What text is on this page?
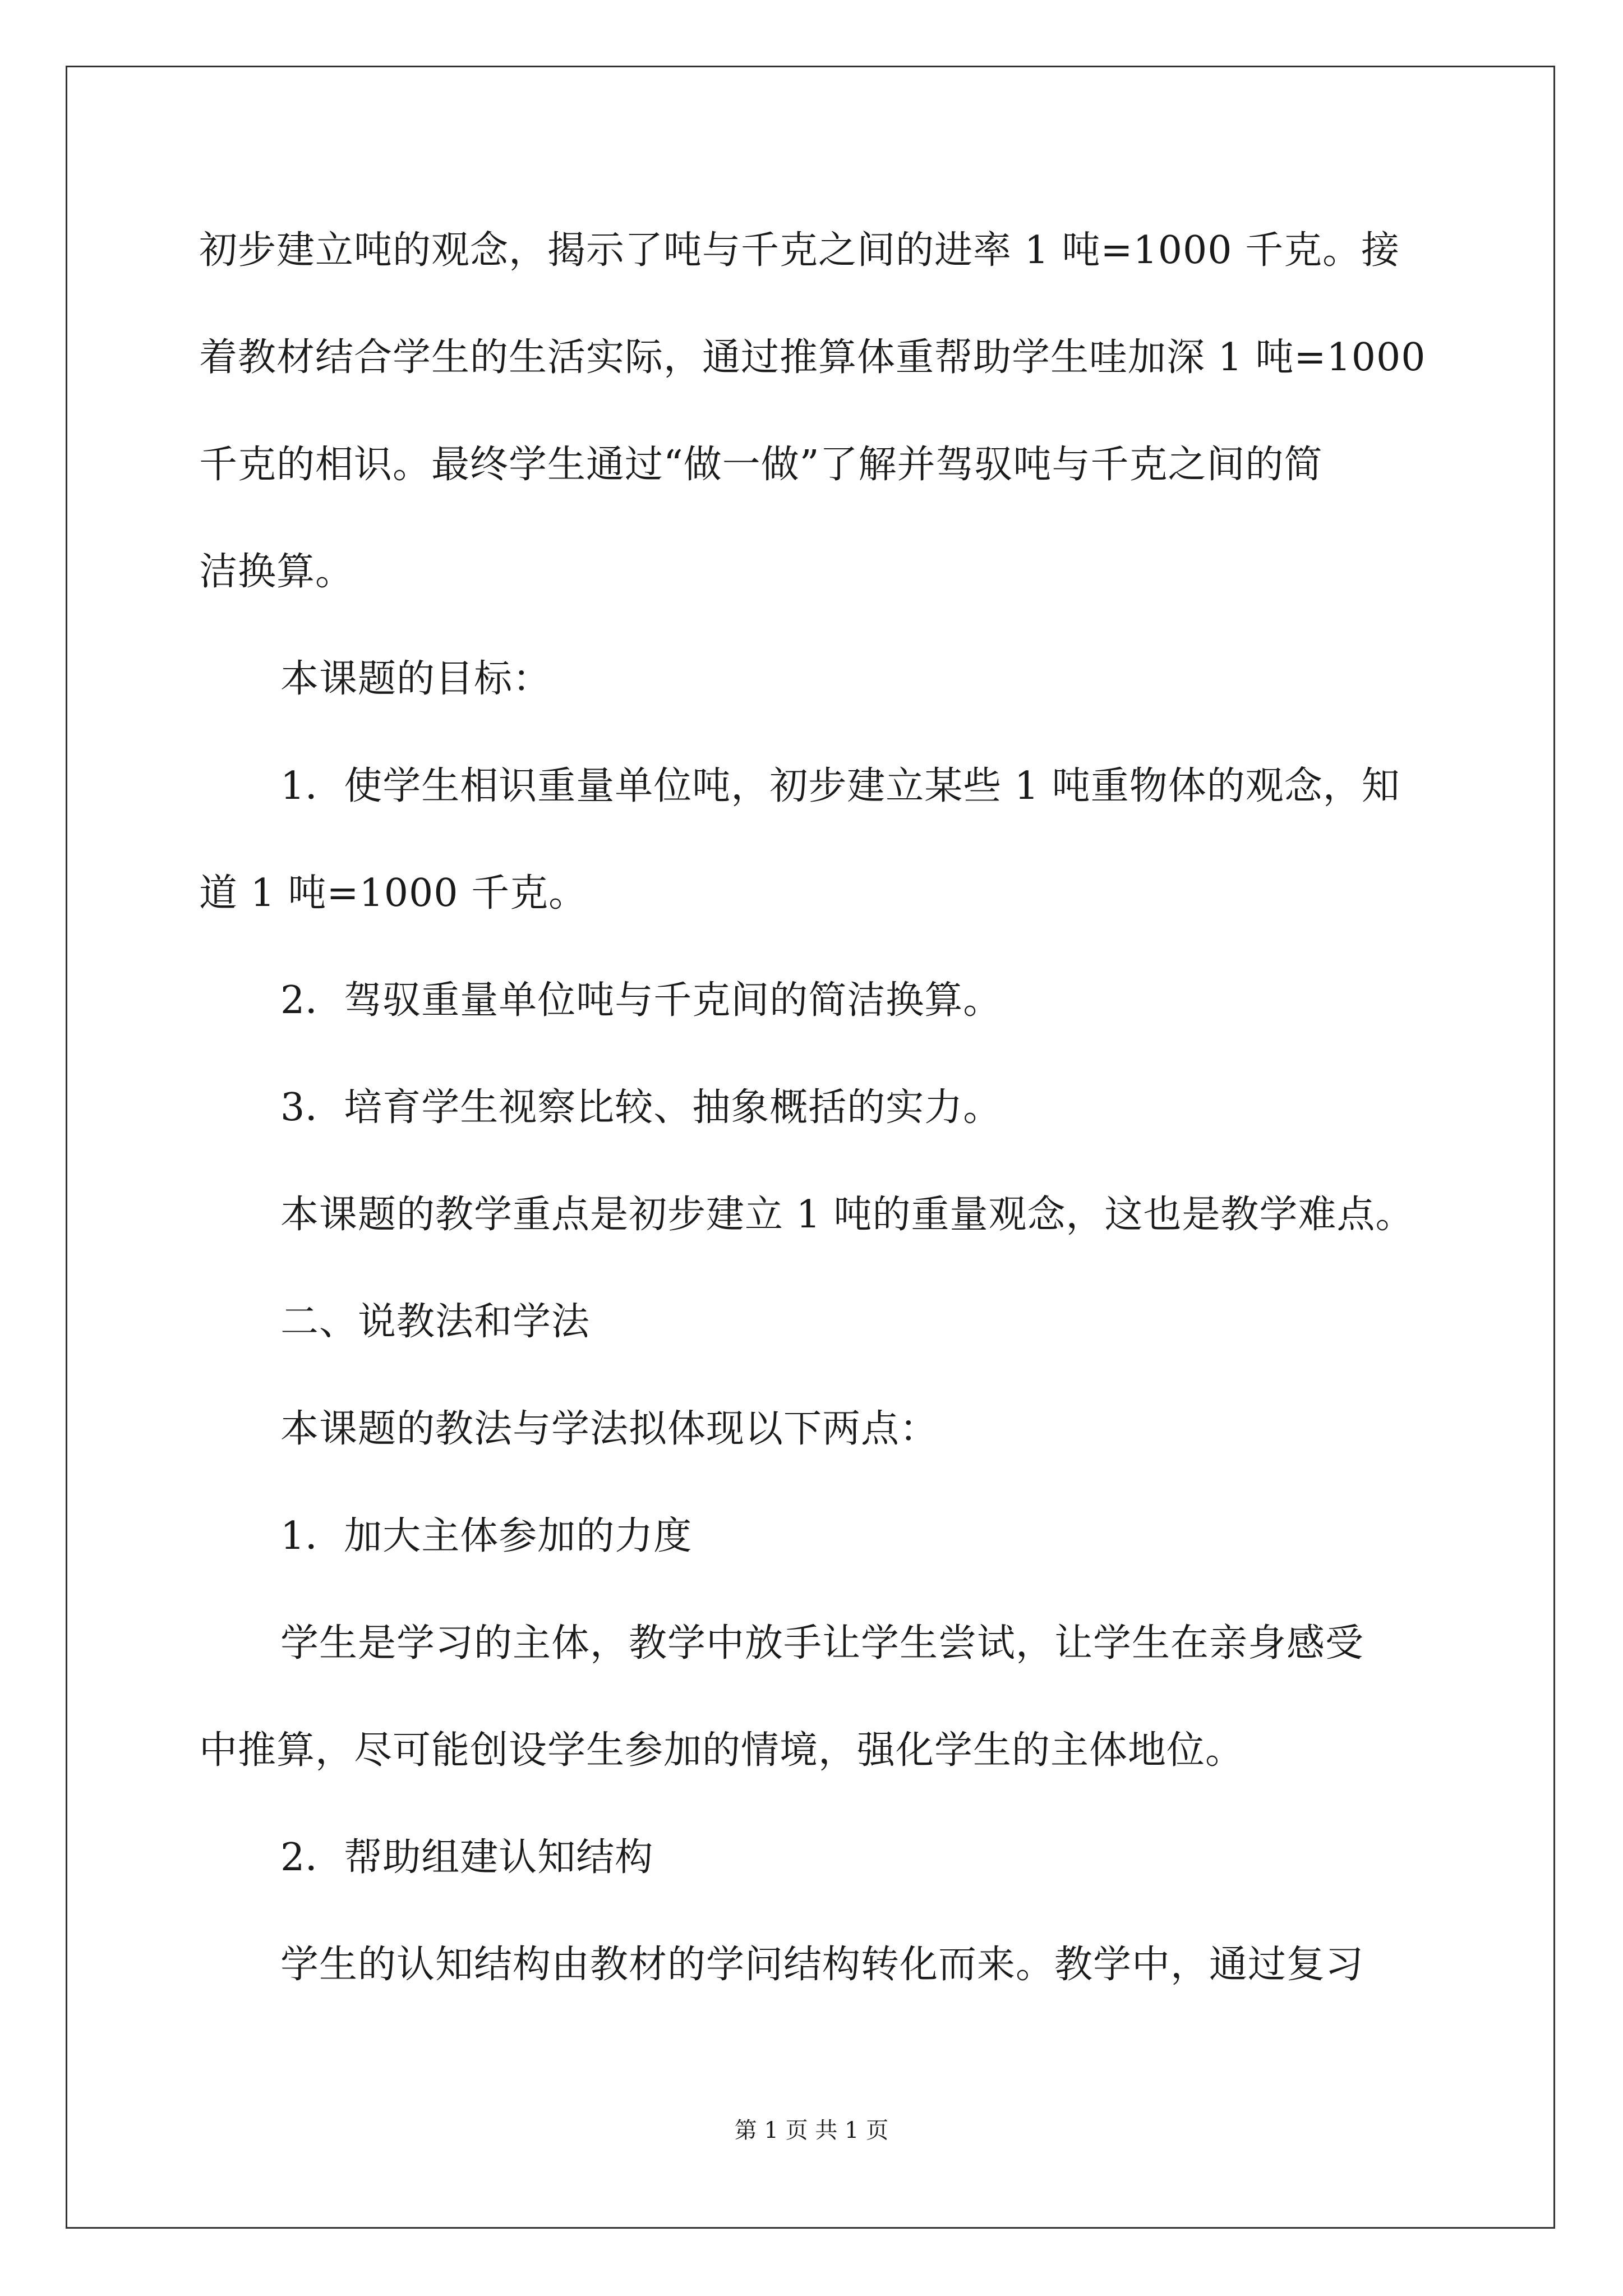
初步建立吨的观念，揭示了吨与千克之间的进率 1 吨=1000 千克。接
着教材结合学生的生活实际，通过推算体重帮助学生哇加深 1 吨=1000
千克的相识。最终学生通过“做一做”了解并驾驭吨与千克之间的简
洁换算。
本课题的目标：
1．使学生相识重量单位吨，初步建立某些 1 吨重物体的观念，知
道 1 吨=1000 千克。
2．驾驭重量单位吨与千克间的简洁换算。
3．培育学生视察比较、抽象概括的实力。
本课题的教学重点是初步建立 1 吨的重量观念，这也是教学难点。
二、说教法和学法
本课题的教法与学法拟体现以下两点：
1．加大主体参加的力度
学生是学习的主体，教学中放手让学生尝试，让学生在亲身感受
中推算，尽可能创设学生参加的情境，强化学生的主体地位。
2．帮助组建认知结构
学生的认知结构由教材的学问结构转化而来。教学中，通过复习
第 1 页 共 1 页
